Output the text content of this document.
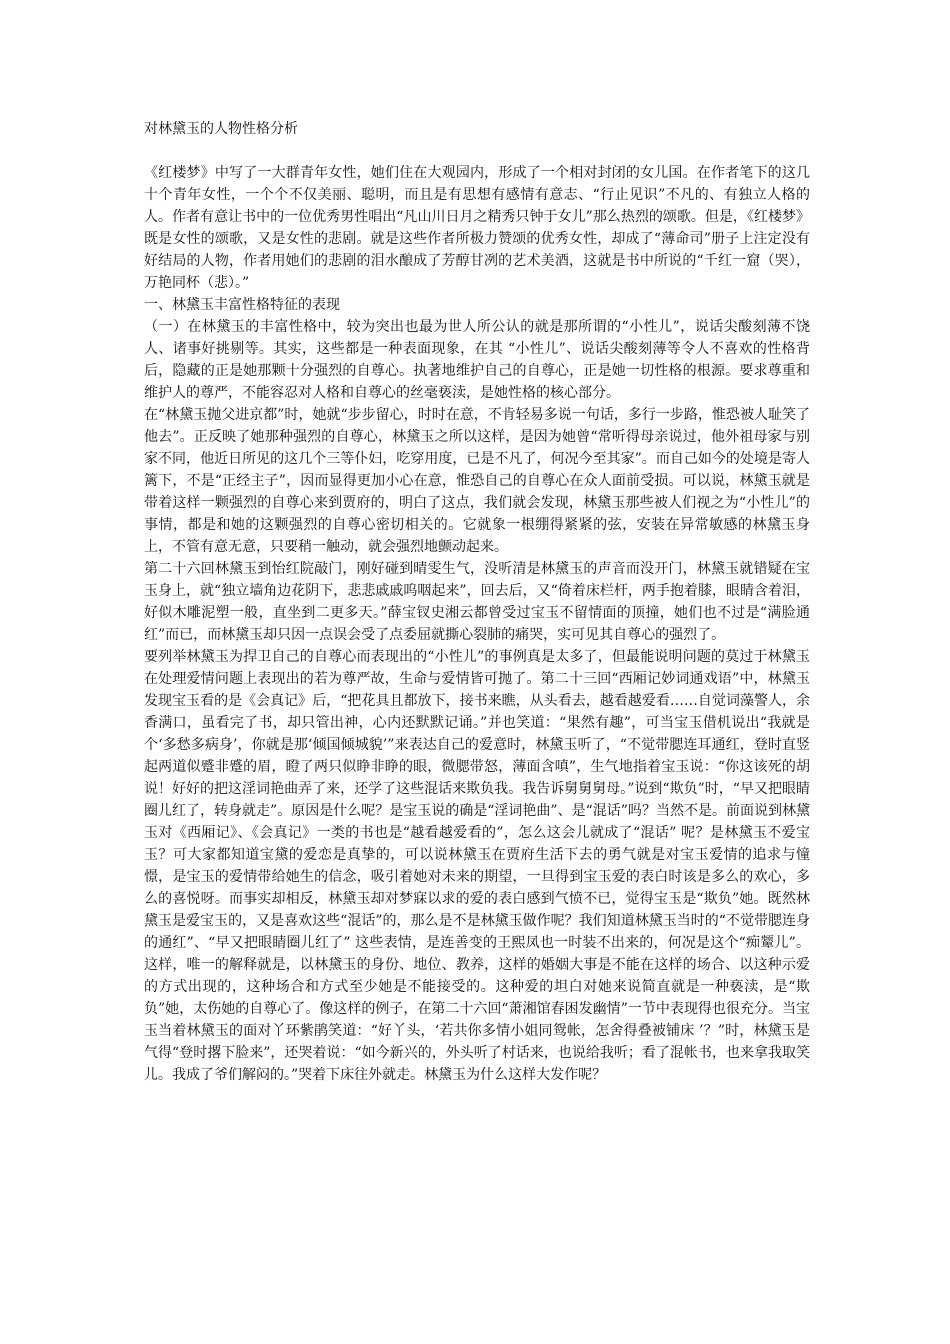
对林黛玉的人物性格分析

《红楼梦》中写了一大群青年女性，她们住在大观园内，形成了一个相对封闭的女儿国。在作者笔下的这几十个青年女性，一个个不仅美丽、聪明，而且是有思想有感情有意志、“行止见识”不凡的、有独立人格的人。作者有意让书中的一位优秀男性唱出“凡山川日月之精秀只钟于女儿”那么热烈的颂歌。但是，《红楼梦》既是女性的颂歌，又是女性的悲剧。就是这些作者所极力赞颂的优秀女性，却成了“薄命司”册子上注定没有好结局的人物，作者用她们的悲剧的泪水酿成了芳醇甘冽的艺术美酒，这就是书中所说的“千红一窟（哭），万艳同杯（悲）。”

一、林黛玉丰富性格特征的表现

（一）在林黛玉的丰富性格中，较为突出也最为世人所公认的就是那所谓的“小性儿”，说话尖酸刻薄不饶人、诸事好挑剔等。其实，这些都是一种表面现象，在其 “小性儿”、说话尖酸刻薄等令人不喜欢的性格背后，隐藏的正是她那颗十分强烈的自尊心。执著地维护自己的自尊心，正是她一切性格的根源。要求尊重和维护人的尊严，不能容忍对人格和自尊心的丝毫亵渎，是她性格的核心部分。

在“林黛玉抛父进京都”时，她就“步步留心，时时在意，不肯轻易多说一句话，多行一步路，惟恐被人耻笑了他去”。正反映了她那种强烈的自尊心，林黛玉之所以这样，是因为她曾“常听得母亲说过，他外祖母家与别家不同，他近日所见的这几个三等仆妇，吃穿用度，已是不凡了，何况今至其家”。而自己如今的处境是寄人篱下，不是“正经主子”，因而显得更加小心在意，惟恐自己的自尊心在众人面前受损。可以说，林黛玉就是带着这样一颗强烈的自尊心来到贾府的，明白了这点，我们就会发现，林黛玉那些被人们视之为“小性儿”的事情，都是和她的这颗强烈的自尊心密切相关的。它就象一根绷得紧紧的弦，安装在异常敏感的林黛玉身上，不管有意无意，只要稍一触动，就会强烈地颤动起来。

第二十六回林黛玉到怡红院敲门，刚好碰到晴雯生气，没听清是林黛玉的声音而没开门，林黛玉就错疑在宝玉身上，就“独立墙角边花阴下，悲悲戚戚呜咽起来”，回去后，又“倚着床栏杆，两手抱着膝，眼睛含着泪，好似木雕泥塑一般，直坐到二更多天。”薛宝钗史湘云都曾受过宝玉不留情面的顶撞，她们也不过是“满脸通红”而已，而林黛玉却只因一点误会受了点委屈就撕心裂肺的痛哭，实可见其自尊心的强烈了。

要列举林黛玉为捍卫自己的自尊心而表现出的“小性儿”的事例真是太多了，但最能说明问题的莫过于林黛玉在处理爱情问题上表现出的若为尊严故，生命与爱情皆可抛了。第二十三回“西厢记妙词通戏语”中，林黛玉发现宝玉看的是《会真记》后，“把花具且都放下，接书来瞧，从头看去，越看越爱看……自觉词藻警人，余香满口，虽看完了书，却只管出神，心内还默默记诵。”并也笑道：“果然有趣”，可当宝玉借机说出“我就是个‘多愁多病身’，你就是那‘倾国倾城貌’”来表达自己的爱意时，林黛玉听了，“不觉带腮连耳通红，登时直竖起两道似蹙非蹙的眉，瞪了两只似睁非睁的眼，微腮带怒，薄面含嗔”，生气地指着宝玉说：“你这该死的胡说！好好的把这淫词艳曲弄了来，还学了这些混话来欺负我。我告诉舅舅舅母。”说到“欺负”时，“早又把眼睛圈儿红了，转身就走”。原因是什么呢？是宝玉说的确是“淫词艳曲”、是“混话”吗？当然不是。前面说到林黛玉对《西厢记》、《会真记》一类的书也是“越看越爱看的”，怎么这会儿就成了“混话” 呢？是林黛玉不爱宝玉？可大家都知道宝黛的爱恋是真挚的，可以说林黛玉在贾府生活下去的勇气就是对宝玉爱情的追求与憧憬，是宝玉的爱情带给她生的信念，吸引着她对未来的期望，一旦得到宝玉爱的表白时该是多么的欢心，多么的喜悦呀。而事实却相反，林黛玉却对梦寐以求的爱的表白感到气愤不已，觉得宝玉是“欺负”她。既然林黛玉是爱宝玉的，又是喜欢这些“混话”的，那么是不是林黛玉做作呢？我们知道林黛玉当时的“不觉带腮连身的通红”、“早又把眼睛圈儿红了” 这些表情，是连善变的王熙凤也一时装不出来的，何况是这个“痴颦儿”。这样，唯一的解释就是，以林黛玉的身份、地位、教养，这样的婚姻大事是不能在这样的场合、以这种示爱的方式出现的，这种场合和方式至少她是不能接受的。这种爱的坦白对她来说简直就是一种亵渎，是“欺负”她，太伤她的自尊心了。像这样的例子，在第二十六回“萧湘馆春困发幽情”一节中表现得也很充分。当宝玉当着林黛玉的面对丫环紫鹃笑道：“好丫头，‘若共你多情小姐同鸳帐，怎舍得叠被铺床 ’？”时，林黛玉是气得“登时撂下脸来”，还哭着说：“如今新兴的，外头听了村话来，也说给我听；看了混帐书，也来拿我取笑儿。我成了爷们解闷的。”哭着下床往外就走。林黛玉为什么这样大发作呢？
